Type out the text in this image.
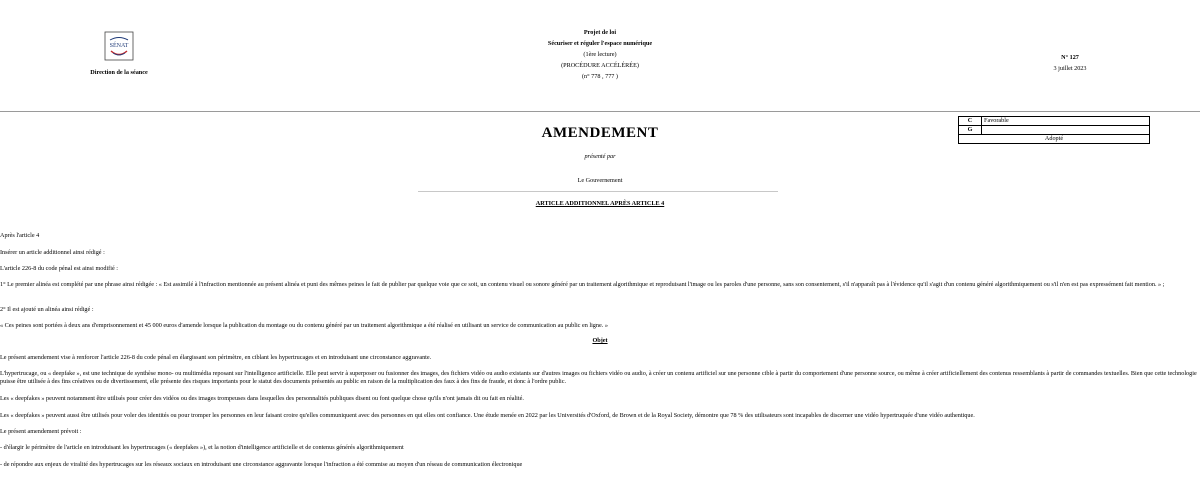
SÉNAT
Direction de la séance
Projet de loi
Sécuriser et réguler l'espace numérique
(1ère lecture)
(PROCÉDURE ACCÉLÉRÉE)
(n° 778 , 777 )
N° 127
3 juillet 2023
C	Favorable
G	
Adopté	
AMENDEMENT
présenté par
Le Gouvernement
ARTICLE ADDITIONNEL APRÈS ARTICLE 4
Après l'article 4
Insérer un article additionnel ainsi rédigé :
L'article 226-8 du code pénal est ainsi modifié :
1° Le premier alinéa est complété par une phrase ainsi rédigée : « Est assimilé à l'infraction mentionnée au présent alinéa et puni des mêmes peines le fait de publier par quelque voie que ce soit, un contenu visuel ou sonore généré par un traitement algorithmique et reproduisant l'image ou les paroles d'une personne, sans son consentement, s'il n'apparaît pas à l'évidence qu'il s'agit d'un contenu généré algorithmiquement ou s'il n'en est pas expressément fait mention. » ;
2° Il est ajouté un alinéa ainsi rédigé :
« Ces peines sont portées à deux ans d'emprisonnement et 45 000 euros d'amende lorsque la publication du montage ou du contenu généré par un traitement algorithmique a été réalisé en utilisant un service de communication au public en ligne. »
Objet
Le présent amendement vise à renforcer l'article 226-8 du code pénal en élargissant son périmètre, en ciblant les hypertrucages et en introduisant une circonstance aggravante.
L'hypertrucage, ou « deepfake », est une technique de synthèse mono- ou multimédia reposant sur l'intelligence artificielle. Elle peut servir à superposer ou fusionner des images, des fichiers vidéo ou audio existants sur d'autres images ou fichiers vidéo ou audio, à créer un contenu artificiel sur une personne cible à partir du comportement d'une personne source, ou même à créer artificiellement des contenus ressemblants à partir de commandes textuelles. Bien que cette technologie puisse être utilisée à des fins créatives ou de divertissement, elle présente des risques importants pour le statut des documents présentés au public en raison de la multiplication des faux à des fins de fraude, et donc à l'ordre public.
Les « deepfakes » peuvent notamment être utilisés pour créer des vidéos ou des images trompeuses dans lesquelles des personnalités publiques disent ou font quelque chose qu'ils n'ont jamais dit ou fait en réalité.
Les « deepfakes » peuvent aussi être utilisés pour voler des identités ou pour tromper les personnes en leur faisant croire qu'elles communiquent avec des personnes en qui elles ont confiance. Une étude menée en 2022 par les Universités d'Oxford, de Brown et de la Royal Society, démontre que 78 % des utilisateurs sont incapables de discerner une vidéo hypertruquée d'une vidéo authentique.
Le présent amendement prévoit :
- d'élargir le périmètre de l'article en introduisant les hypertrucages (« deepfakes »), et la notion d'intelligence artificielle et de contenus générés algorithmiquement
- de répondre aux enjeux de viralité des hypertrucages sur les réseaux sociaux en introduisant une circonstance aggravante lorsque l'infraction a été commise au moyen d'un réseau de communication électronique
